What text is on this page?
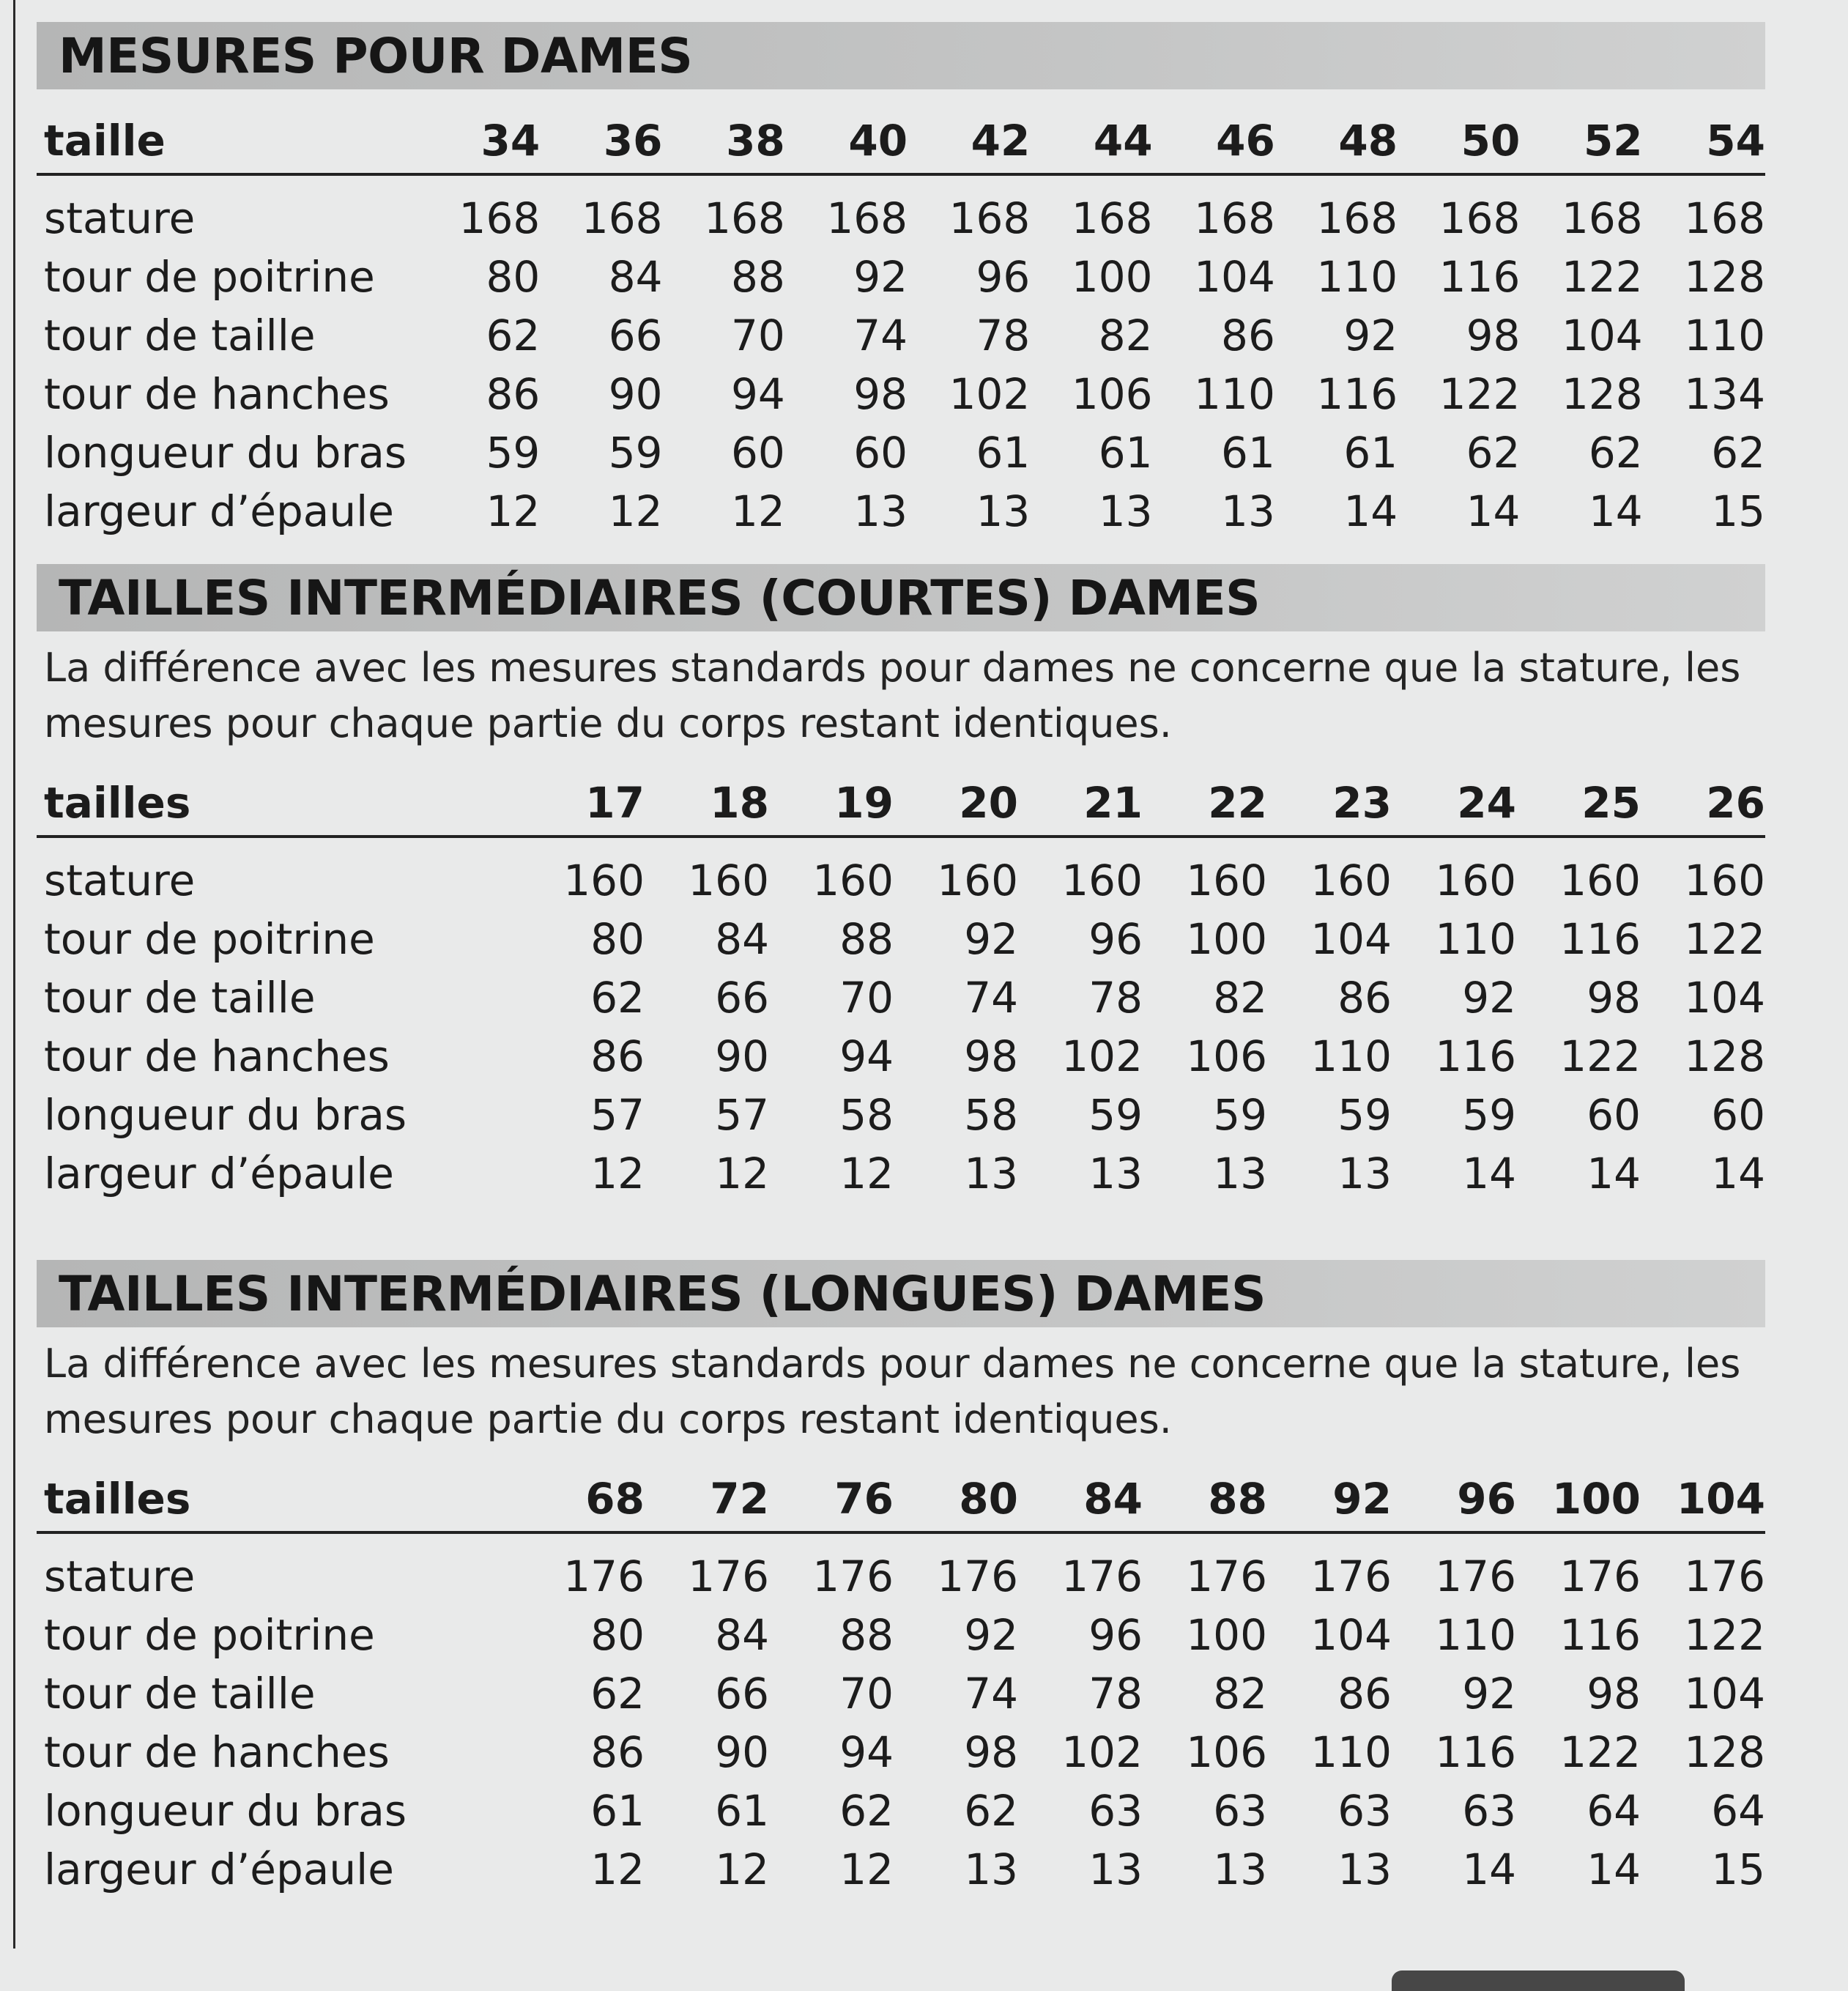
MESURES POUR DAMES
taille	34	36	38	40	42	44	46	48	50	52	54
stature	168	168	168	168	168	168	168	168	168	168	168
tour de poitrine	80	84	88	92	96	100	104	110	116	122	128
tour de taille	62	66	70	74	78	82	86	92	98	104	110
tour de hanches	86	90	94	98	102	106	110	116	122	128	134
longueur du bras	59	59	60	60	61	61	61	61	62	62	62
largeur d’épaule	12	12	12	13	13	13	13	14	14	14	15
TAILLES INTERMÉDIAIRES (COURTES) DAMES
La différence avec les mesures standards pour dames ne concerne que la stature, les mesures pour chaque partie du corps restant identiques.
tailles	17	18	19	20	21	22	23	24	25	26
stature	160	160	160	160	160	160	160	160	160	160
tour de poitrine	80	84	88	92	96	100	104	110	116	122
tour de taille	62	66	70	74	78	82	86	92	98	104
tour de hanches	86	90	94	98	102	106	110	116	122	128
longueur du bras	57	57	58	58	59	59	59	59	60	60
largeur d’épaule	12	12	12	13	13	13	13	14	14	14
TAILLES INTERMÉDIAIRES (LONGUES) DAMES
La différence avec les mesures standards pour dames ne concerne que la stature, les mesures pour chaque partie du corps restant identiques.
tailles	68	72	76	80	84	88	92	96	100	104
stature	176	176	176	176	176	176	176	176	176	176
tour de poitrine	80	84	88	92	96	100	104	110	116	122
tour de taille	62	66	70	74	78	82	86	92	98	104
tour de hanches	86	90	94	98	102	106	110	116	122	128
longueur du bras	61	61	62	62	63	63	63	63	64	64
largeur d’épaule	12	12	12	13	13	13	13	14	14	15
